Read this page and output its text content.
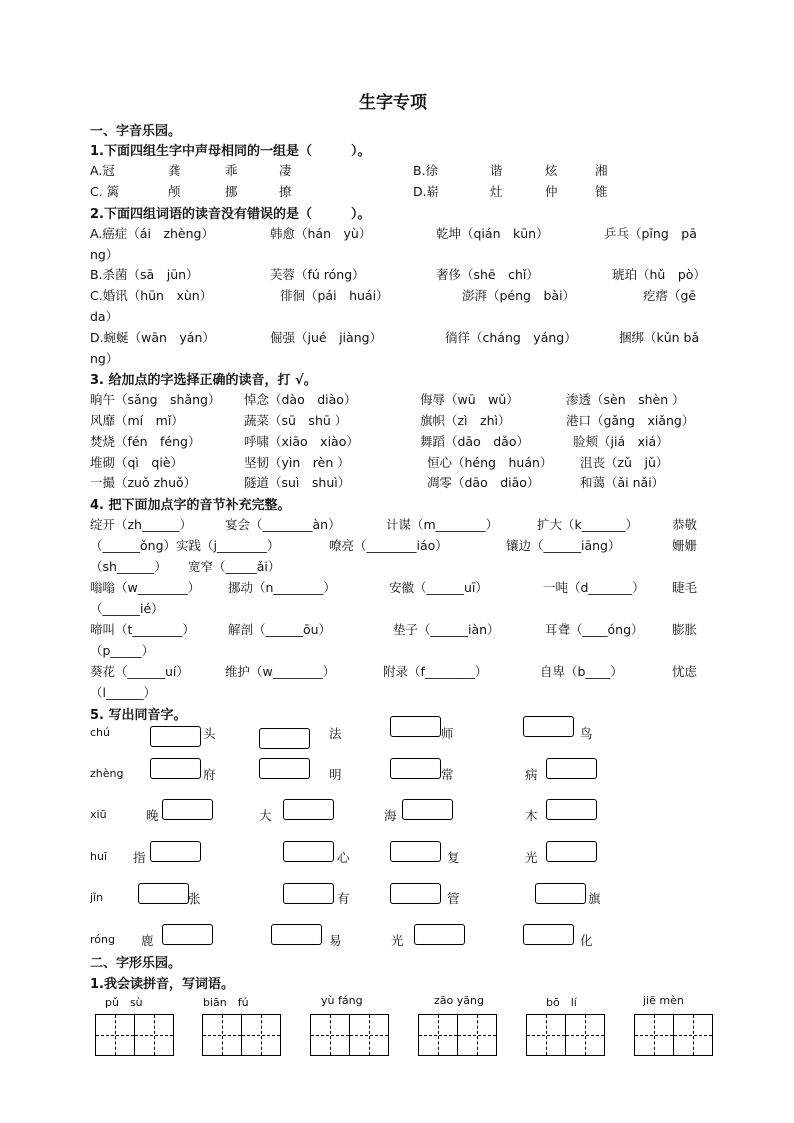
生字专项
一、字音乐园。
1.下面四组生字中声母相同的一组是（　　　）。
A.冠	龚	乖	凄	B.徐	谐	炫	湘
C. 篱	颅	挪	撩	D.崭	灶	仲	锥
2.下面四组词语的读音没有错误的是（　　　）。
A.癌症（ái　zhèng）	韩愈（hán　yù）	乾坤（qián　kūn）	乒乓（pīng　pā
ng）
B.杀菌（sā　jūn）	芙蓉（fú róng）	奢侈（shē　chǐ）	琥珀（hǔ　pò）
C.婚讯（hūn　xùn）	徘徊（pái　huái）	澎湃（péng　bài）	疙瘩（gē
da）
D.蜿蜒（wān　yán）	倔强（jué　jiàng）	徜徉（cháng　yáng）	捆绑（kǔn bǎ
ng）
3. 给加点的字选择正确的读音，打 √。
晌午（sǎng　shǎng） 悼念（dào　diào）	侮辱（wū　wǔ）	渗透（sèn　shèn ）
风靡（mí　mǐ）	蔬菜（sū　shū ）	旗帜（zì　zhì）	港口（gǎng　xiǎng）
焚烧（fén　féng）	呼啸（xiāo　xiào）	舞蹈（dāo　dǎo）	脸颊（jiá　xiá）
堆砌（qì　qiè）	坚韧（yìn　rèn ）	恒心（héng　huán） 沮丧（zǔ　jǔ）
一撮（zuǒ zhuǒ）	隧道（suì　shuì）	凋零（dāo　diāo）	和蔼（ǎi nǎi）
4. 把下面加点字的音节补充完整。
绽开（zh______）	宴会（________àn）	计谋（m________）	扩大（k_______）	恭敬
（______ǒng）实践（j________）	嘹亮（________iáo）	镶边（______iāng）	姗姗
（sh______） 宽窄（_____ǎi）
嗡嗡（w________） 挪动（n________）	安徽（______uī）	一吨（d_______） 睫毛
（______ié）
啼叫（t________）	解剖（______ōu）	垫子（______iàn）	耳聋（____óng） 膨胀
（p_____）
葵花（______uí）	维护（w________）	附录（f________）	自卑（b____）	忧虑
（l______）
5. 写出同音字。
chú	头	法	师	鸟
zhèng	府	明	常	病
xiū	晚	大	海	木
huī 指	心	复	光
jǐn	张	有	管	旗
róng 鹿	易	光	化
二、字形乐园。
1.我会读拼音，写词语。
pǔ　sù	biān　fú	yù fáng	zāo yāng	bō　lí	jiē mèn
